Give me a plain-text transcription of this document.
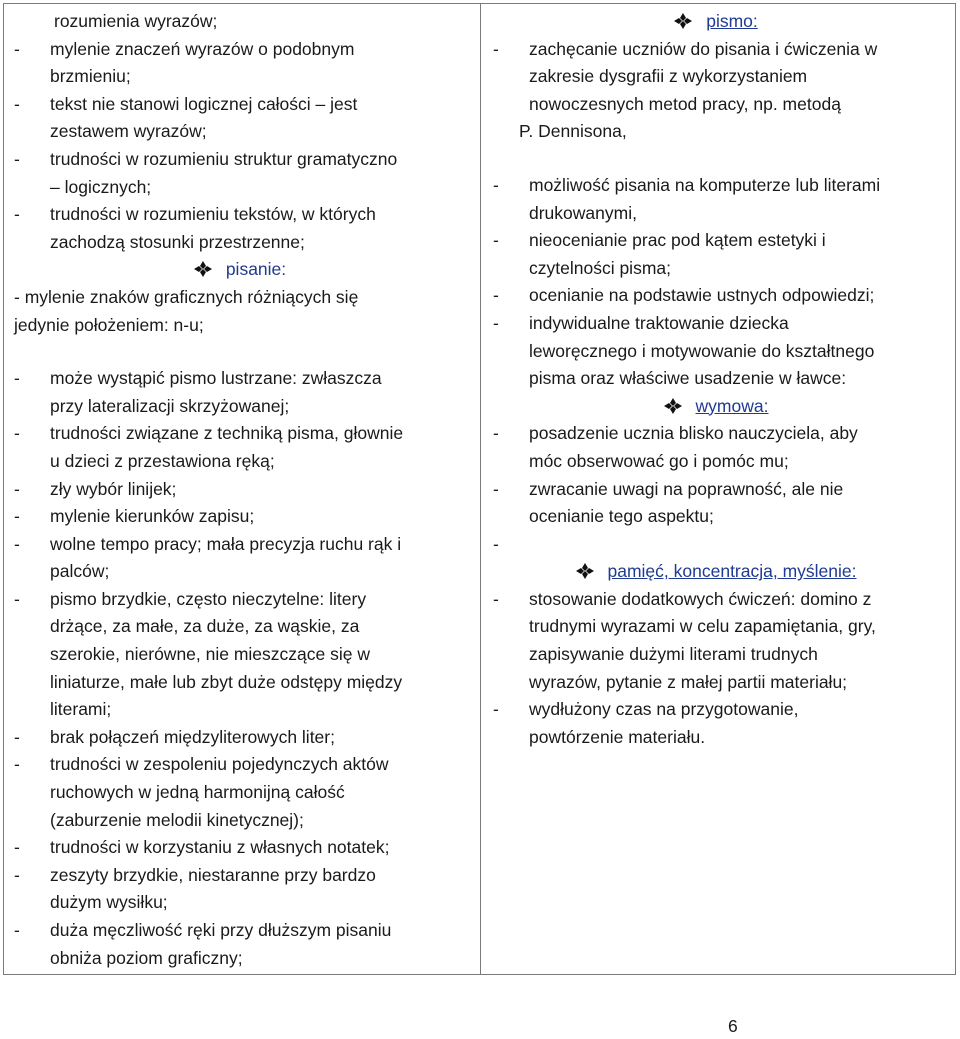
rozumienia wyrazów;
-	mylenie znaczeń wyrazów o podobnym
brzmieniu;
-	tekst nie stanowi logicznej całości – jest
zestawem wyrazów;
-	trudności w rozumieniu struktur gramatyczno
– logicznych;
-	trudności w rozumieniu tekstów, w których
zachodzą stosunki przestrzenne;
pisanie:
- mylenie znaków graficznych różniących się
jedynie położeniem: n-u;
-	może wystąpić pismo lustrzane: zwłaszcza
przy lateralizacji skrzyżowanej;
-	trudności związane z techniką pisma, głownie
u dzieci z przestawiona ręką;
-	zły wybór linijek;
-	mylenie kierunków zapisu;
-	wolne tempo pracy; mała precyzja ruchu rąk i
palców;
-	pismo brzydkie, często nieczytelne: litery
drżące, za małe, za duże, za wąskie, za
szerokie, nierówne, nie mieszczące się w
liniaturze, małe lub zbyt duże odstępy między
literami;
-	brak połączeń międzyliterowych liter;
-	trudności w zespoleniu pojedynczych aktów
ruchowych w jedną harmonijną całość
(zaburzenie melodii kinetycznej);
-	trudności w korzystaniu z własnych notatek;
-	zeszyty brzydkie, niestaranne przy bardzo
dużym wysiłku;
-	duża męczliwość ręki przy dłuższym pisaniu
obniża poziom graficzny;
pismo:
-	zachęcanie uczniów do pisania i ćwiczenia w
zakresie dysgrafii z wykorzystaniem
nowoczesnych metod pracy, np. metodą
P. Dennisona,
-	możliwość pisania na komputerze lub literami
drukowanymi,
-	nieocenianie prac pod kątem estetyki i
czytelności pisma;
-	ocenianie na podstawie ustnych odpowiedzi;
-	indywidualne traktowanie dziecka
leworęcznego i motywowanie do kształtnego
pisma oraz właściwe usadzenie w ławce:
wymowa:
-	posadzenie ucznia blisko nauczyciela, aby
móc obserwować go i pomóc mu;
-	zwracanie uwagi na poprawność, ale nie
ocenianie tego aspektu;
-
pamięć, koncentracja, myślenie:
-	stosowanie dodatkowych ćwiczeń: domino z
trudnymi wyrazami w celu zapamiętania, gry,
zapisywanie dużymi literami trudnych
wyrazów, pytanie z małej partii materiału;
-	wydłużony czas na przygotowanie,
powtórzenie materiału.
6
